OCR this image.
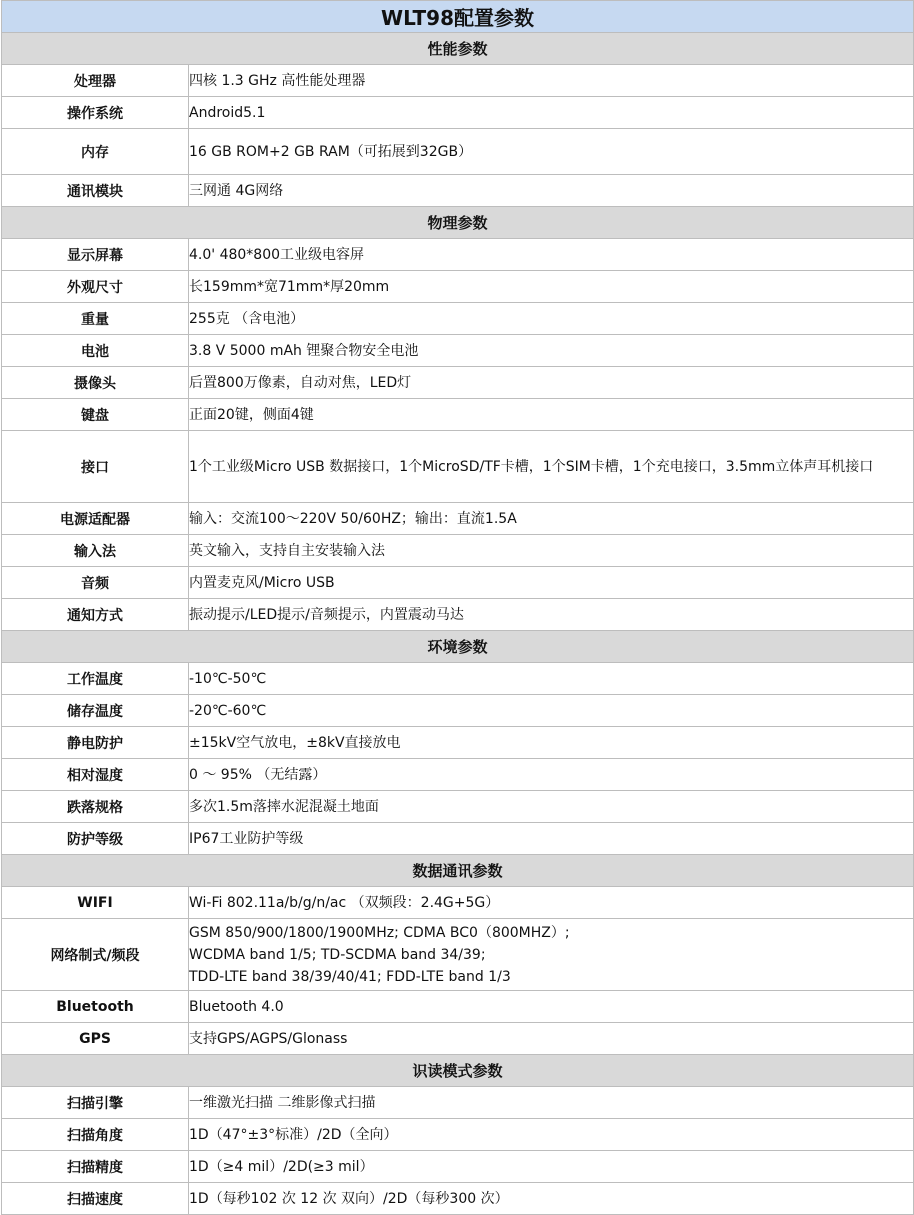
WLT98配置参数	
性能参数	
处理器	四核 1.3 GHz 高性能处理器
操作系统	Android5.1
内存	16 GB ROM+2 GB RAM（可拓展到32GB）
通讯模块	三网通 4G网络
物理参数	
显示屏幕	4.0' 480*800工业级电容屏
外观尺寸	长159mm*宽71mm*厚20mm
重量	255克 （含电池）
电池	3.8 V 5000 mAh 锂聚合物安全电池
摄像头	后置800万像素，自动对焦，LED灯
键盘	正面20键，侧面4键
接口	1个工业级Micro USB 数据接口，1个MicroSD/TF卡槽，1个SIM卡槽，1个充电接口，3.5mm立体声耳机接口
电源适配器	输入：交流100～220V 50/60HZ；输出：直流1.5A
输入法	英文输入，支持自主安装输入法
音频	内置麦克风/Micro USB
通知方式	振动提示/LED提示/音频提示，内置震动马达
环境参数	
工作温度	-10℃-50℃
储存温度	-20℃-60℃
静电防护	±15kV空气放电，±8kV直接放电
相对湿度	0 ～ 95% （无结露）
跌落规格	多次1.5m落摔水泥混凝土地面
防护等级	IP67工业防护等级
数据通讯参数	
WIFI	Wi-Fi 802.11a/b/g/n/ac （双频段：2.4G+5G）
网络制式/频段	GSM 850/900/1800/1900MHz; CDMA BC0（800MHZ）;
WCDMA band 1/5; TD-SCDMA band 34/39;
TDD-LTE band 38/39/40/41; FDD-LTE band 1/3

Bluetooth	Bluetooth 4.0
GPS	支持GPS/AGPS/Glonass
识读模式参数	
扫描引擎	一维激光扫描 二维影像式扫描
扫描角度	1D（47°±3°标准）/2D（全向）
扫描精度	1D（≥4 mil）/2D(≥3 mil）
扫描速度	1D（每秒102 次 12 次 双向）/2D（每秒300 次）
